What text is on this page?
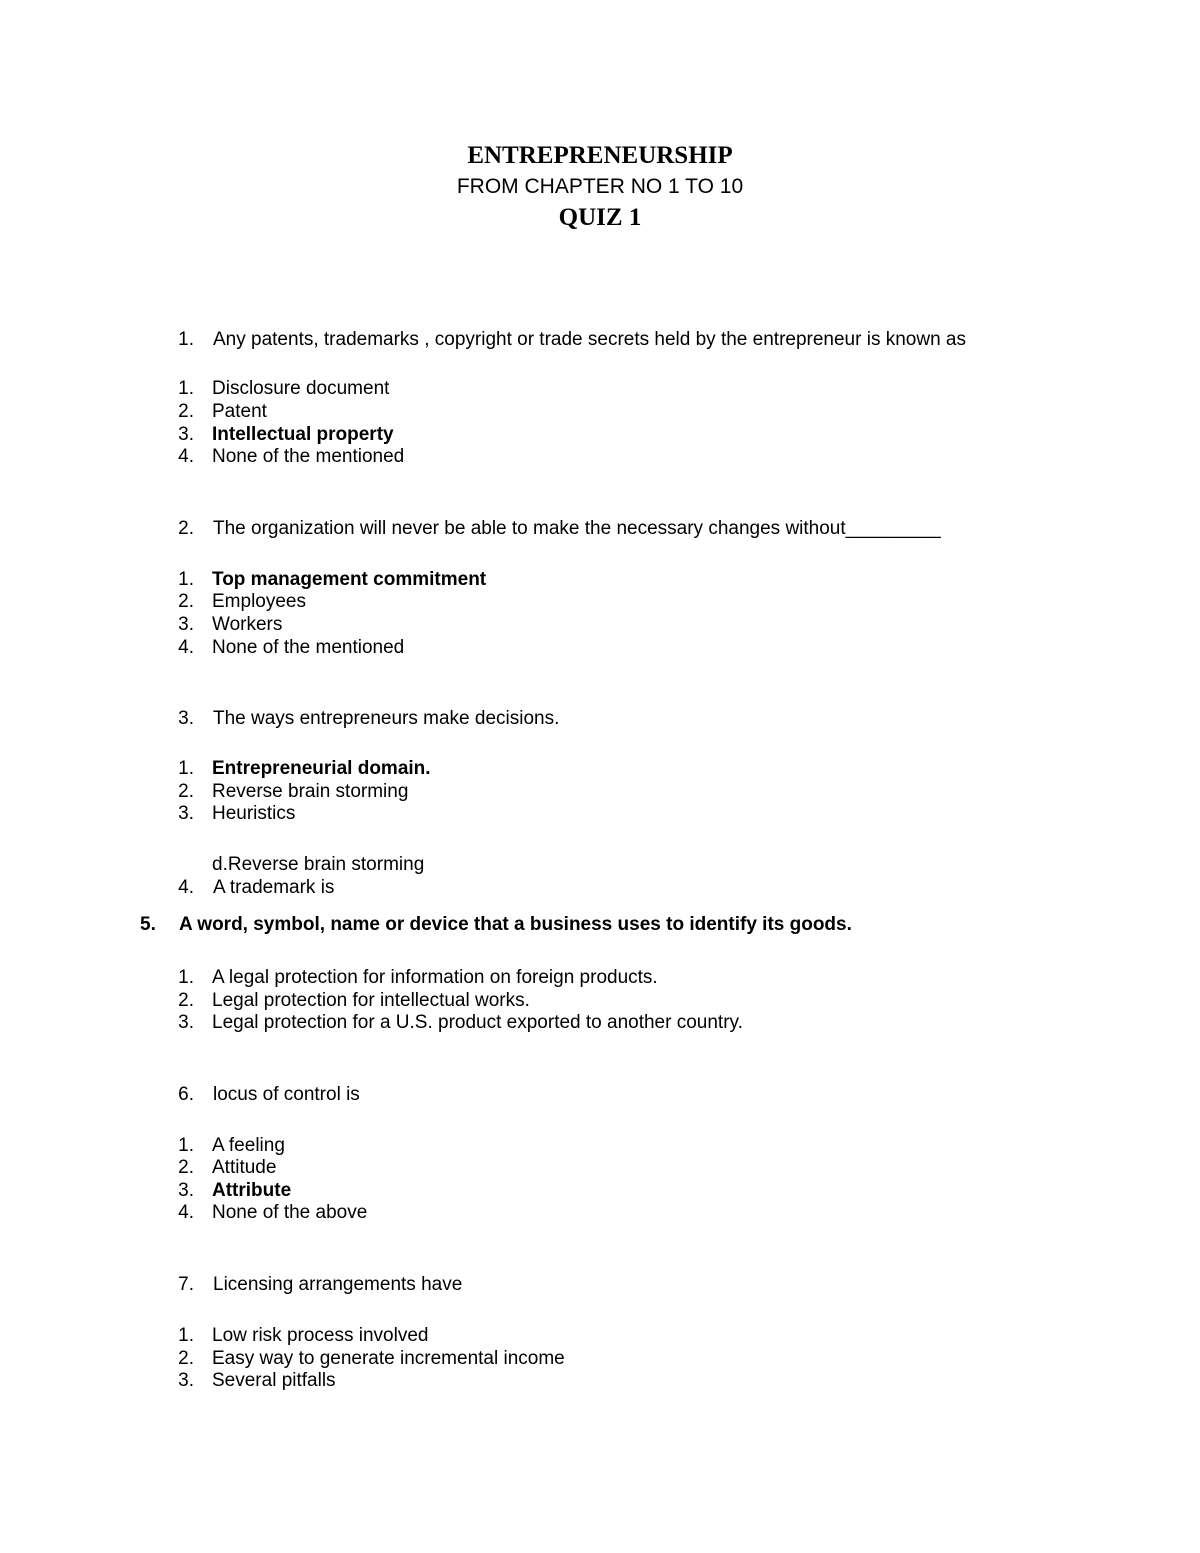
ENTREPRENEURSHIP
FROM CHAPTER NO 1 TO 10
QUIZ 1
1. Any patents, trademarks , copyright or trade secrets held by the entrepreneur is known as
1. Disclosure document
2. Patent
3. Intellectual property
4. None of the mentioned
2. The organization will never be able to make the necessary changes without_________
1. Top management commitment
2. Employees
3. Workers
4. None of the mentioned
3. The ways entrepreneurs make decisions.
1. Entrepreneurial domain.
2. Reverse brain storming
3. Heuristics
d.Reverse brain storming
4. A trademark is
5. A word, symbol, name or device that a business uses to identify its goods.
1. A legal protection for information on foreign products.
2. Legal protection for intellectual works.
3. Legal protection for a U.S. product exported to another country.
6. locus of control is
1. A feeling
2. Attitude
3. Attribute
4. None of the above
7. Licensing arrangements have
1. Low risk process involved
2. Easy way to generate incremental income
3. Several pitfalls
